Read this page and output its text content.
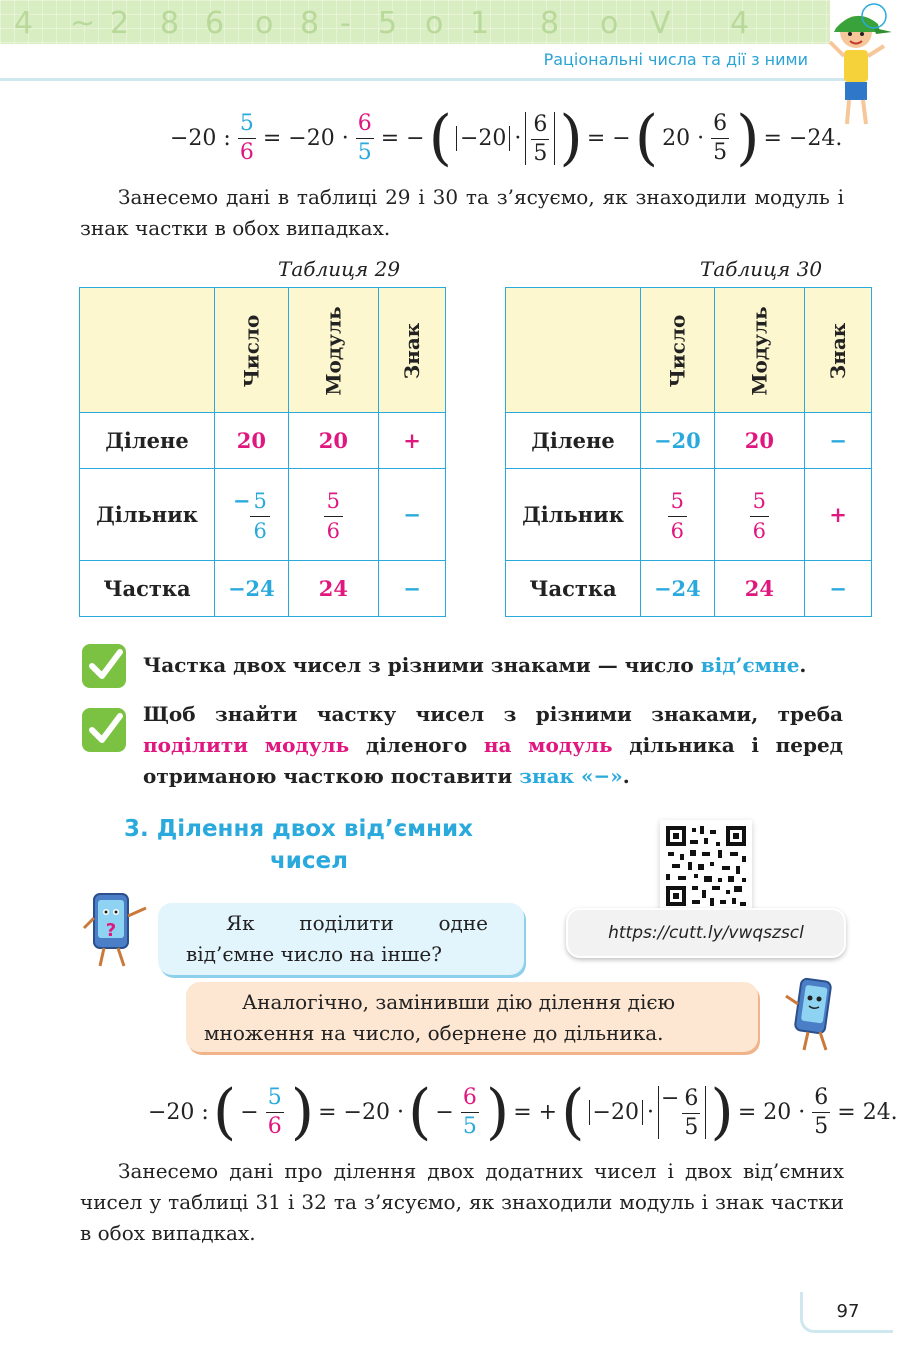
4 ~ 2 8 6 o 8 - 5 o 1 8 o V 4
Раціональні числа та дії з ними
−20 : $\frac{5}{6} = -20 \cdot \frac{6}{5}$ = − ( $-20 \cdot \frac{6}{5}$ ) = − ( $20 \cdot \frac{6}{5}$ ) = −24.
Занесемо дані в таблиці 29 і 30 та з’ясуємо, як знаходили модуль і знак частки в обох випадках.
Таблиця 29
	Число	Модуль	Знак
Ділене	20	20	+
Дільник	− $\frac{5}{6}$	$\frac{5}{6}$	−
Частка	−24	24	−
Таблиця 30
	Число	Модуль	Знак
Ділене	−20	20	−
Дільник	$\frac{5}{6}$	$\frac{5}{6}$	+
Частка	−24	24	−
Частка двох чисел з різними знаками — число від’ємне.
Щоб знайти частку чисел з різними знаками, треба поділити модуль діленого на модуль дільника і перед отриманою часткою поставити знак «−».
3. Ділення двох від’ємних
чисел
https://cutt.ly/vwqszscl
?	Як поділити одне
від’ємне число на інше?
Аналогічно, замінивши дію ділення дією
множення на число, обернене до дільника.
−20 : ( − $\frac{5}{6}$ ) = −20 · ( − $\frac{6}{5}$ ) = + ( −20 ·
− $\frac{6}{5}$ ) = $20 \cdot \frac{6}{5} = 24$.
Занесемо дані про ділення двох додатних чисел і двох від’ємних чисел у таблиці 31 і 32 та з’ясуємо, як знаходили модуль і знак частки в обох випадках.
97
